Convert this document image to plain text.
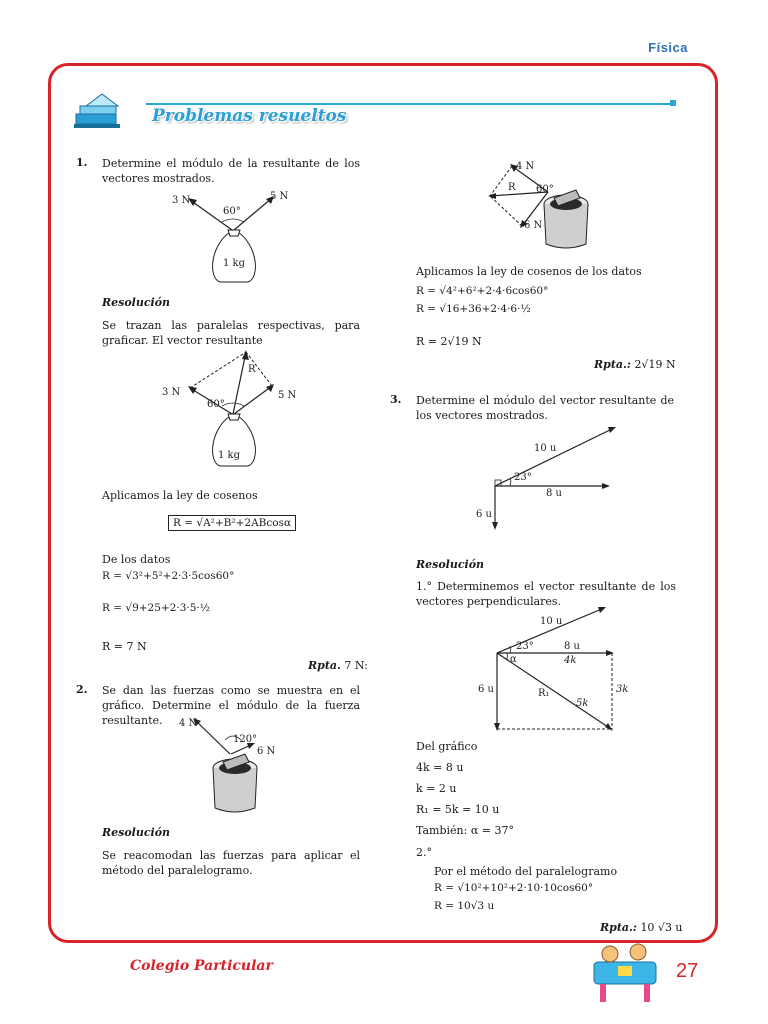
Física
Problemas resueltos
1. Determine el módulo de la resultante de los vectores mostrados.
3 N	5 N
60°
1 kg
Resolución
Se trazan las paralelas respectivas, para graficar. El vector resultante
3 N	5 N
60°
R
1 kg
Aplicamos la ley de cosenos
R = √A²+B²+2ABcosα
De los datos
R = √3²+5²+2·3·5cos60°
R = √9+25+2·3·5·½
R = 7 N
Rpta. 7 N:
2. Se dan las fuerzas como se muestra en el gráfico. Determine el módulo de la fuerza resultante.	4 N
6 N
120°
Resolución
Se reacomodan las fuerzas para aplicar el método del paralelogramo.
4 N
6 N
60°
R
Aplicamos la ley de cosenos de los datos
R = √4²+6²+2·4·6cos60°
R = √16+36+2·4·6·½
R = 2√19 N
Rpta.: 2√19 N
3. Determine el módulo del vector resultante de los vectores mostrados.
10 u
23°
8 u
6 u
Resolución
1.° Determinemos el vector resultante de los vectores perpendiculares.
10 u
23°
α
8 u
4k
6 u	3k
R₁
5k
Del gráfico
4k = 8 u
k = 2 u
R₁ = 5k = 10 u
También: α = 37°
2.°
Por el método del paralelogramo
R = √10²+10²+2·10·10cos60°
R = 10√3 u
Rpta.: 10 √3 u
Colegio Particular	27
